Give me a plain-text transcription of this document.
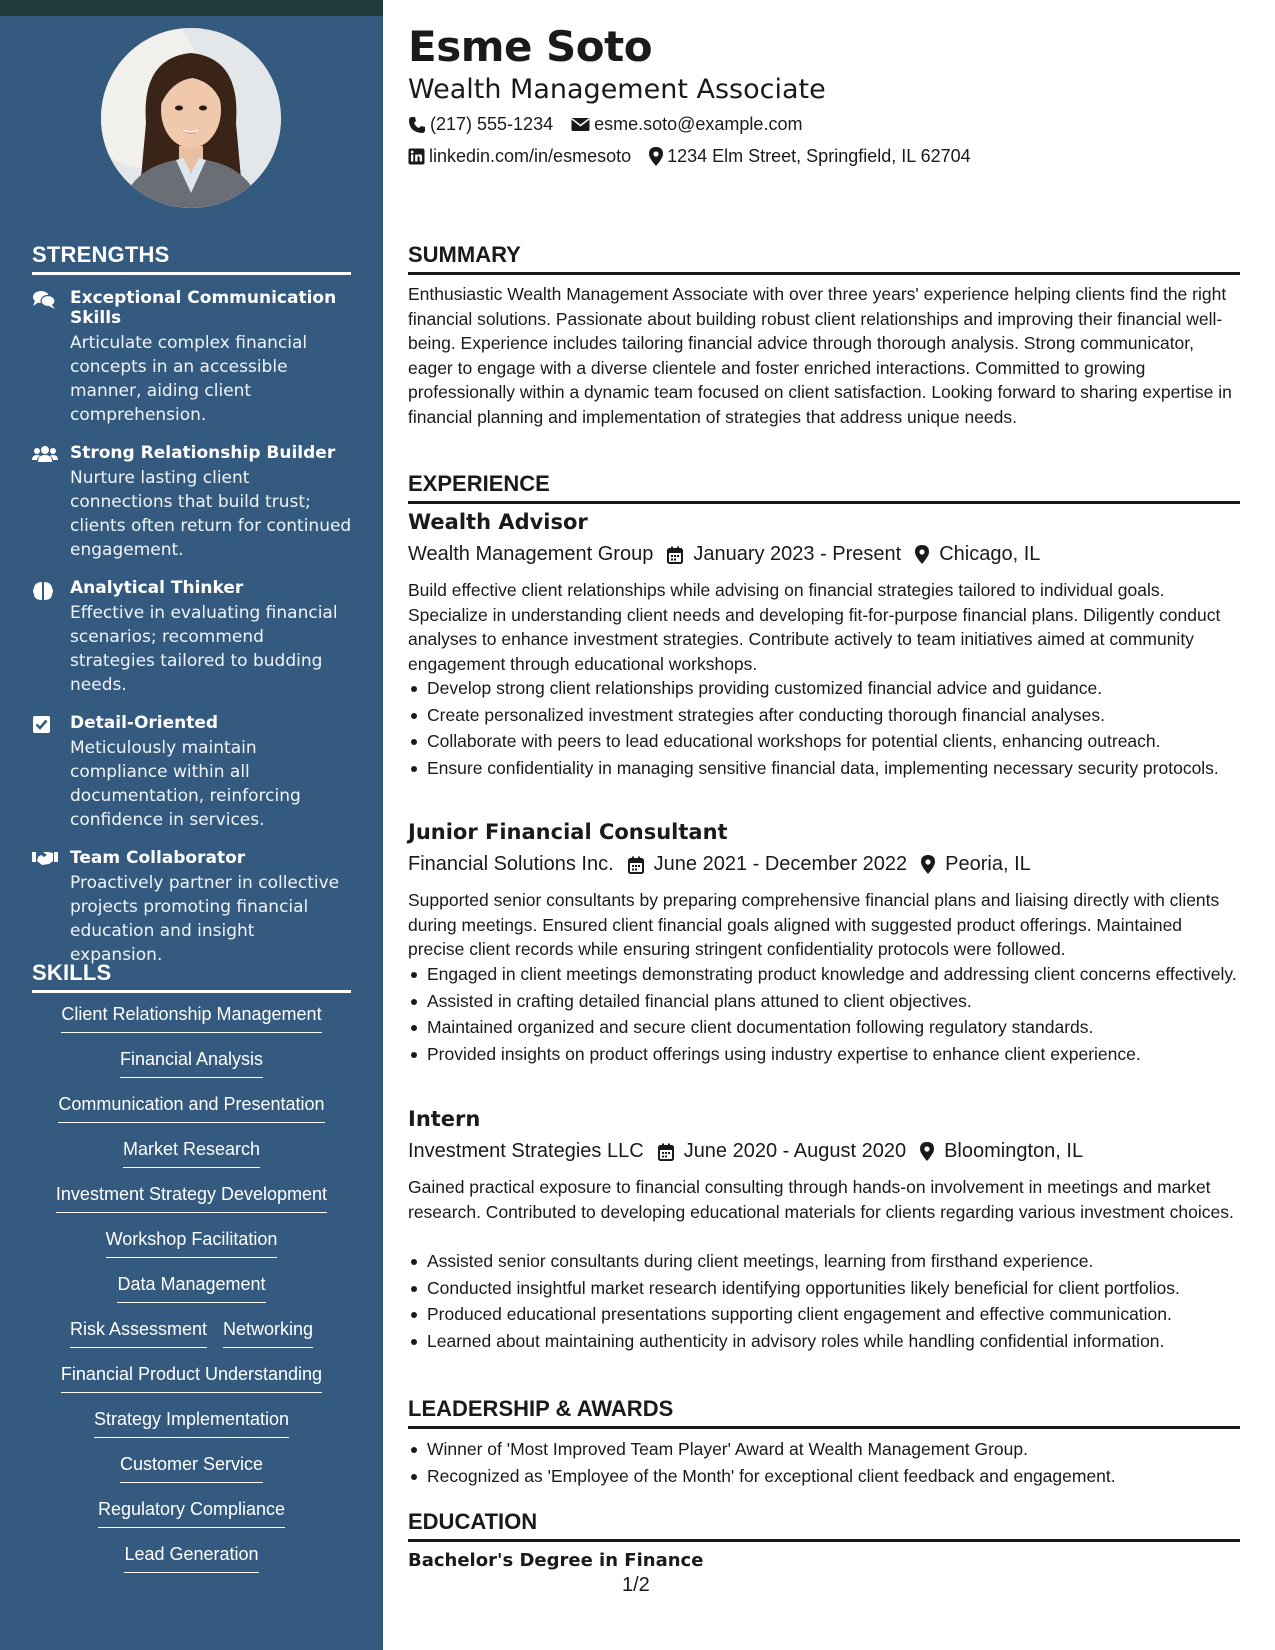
STRENGTHS
Exceptional Communication Skills
Articulate complex financial concepts in an accessible manner, aiding client comprehension.
Strong Relationship Builder
Nurture lasting client connections that build trust; clients often return for continued engagement.
Analytical Thinker
Effective in evaluating financial scenarios; recommend strategies tailored to budding needs.
Detail-Oriented
Meticulously maintain compliance within all documentation, reinforcing confidence in services.
Team Collaborator
Proactively partner in collective projects promoting financial education and insight expansion.
SKILLS
Client Relationship Management
Financial Analysis
Communication and Presentation
Market Research
Investment Strategy Development
Workshop Facilitation
Data Management
Risk Assessment Networking
Financial Product Understanding
Strategy Implementation
Customer Service
Regulatory Compliance
Lead Generation
Esme Soto
Wealth Management Associate
(217) 555-1234 esme.soto@example.com
linkedin.com/in/esmesoto 1234 Elm Street, Springfield, IL 62704
SUMMARY
Enthusiastic Wealth Management Associate with over three years' experience helping clients find the right financial solutions. Passionate about building robust client relationships and improving their financial well-being. Experience includes tailoring financial advice through thorough analysis. Strong communicator, eager to engage with a diverse clientele and foster enriched interactions. Committed to growing professionally within a dynamic team focused on client satisfaction. Looking forward to sharing expertise in financial planning and implementation of strategies that address unique needs.
EXPERIENCE
Wealth Advisor
Wealth Management Group January 2023 - Present Chicago, IL
Build effective client relationships while advising on financial strategies tailored to individual goals. Specialize in understanding client needs and developing fit-for-purpose financial plans. Diligently conduct analyses to enhance investment strategies. Contribute actively to team initiatives aimed at community engagement through educational workshops.
Develop strong client relationships providing customized financial advice and guidance.
Create personalized investment strategies after conducting thorough financial analyses.
Collaborate with peers to lead educational workshops for potential clients, enhancing outreach.
Ensure confidentiality in managing sensitive financial data, implementing necessary security protocols.
Junior Financial Consultant
Financial Solutions Inc. June 2021 - December 2022 Peoria, IL
Supported senior consultants by preparing comprehensive financial plans and liaising directly with clients during meetings. Ensured client financial goals aligned with suggested product offerings. Maintained precise client records while ensuring stringent confidentiality protocols were followed.
Engaged in client meetings demonstrating product knowledge and addressing client concerns effectively.
Assisted in crafting detailed financial plans attuned to client objectives.
Maintained organized and secure client documentation following regulatory standards.
Provided insights on product offerings using industry expertise to enhance client experience.
Intern
Investment Strategies LLC June 2020 - August 2020 Bloomington, IL
Gained practical exposure to financial consulting through hands-on involvement in meetings and market research. Contributed to developing educational materials for clients regarding various investment choices.
Assisted senior consultants during client meetings, learning from firsthand experience.
Conducted insightful market research identifying opportunities likely beneficial for client portfolios.
Produced educational presentations supporting client engagement and effective communication.
Learned about maintaining authenticity in advisory roles while handling confidential information.
LEADERSHIP & AWARDS
Winner of 'Most Improved Team Player' Award at Wealth Management Group.
Recognized as 'Employee of the Month' for exceptional client feedback and engagement.
EDUCATION
Bachelor's Degree in Finance
1/2
